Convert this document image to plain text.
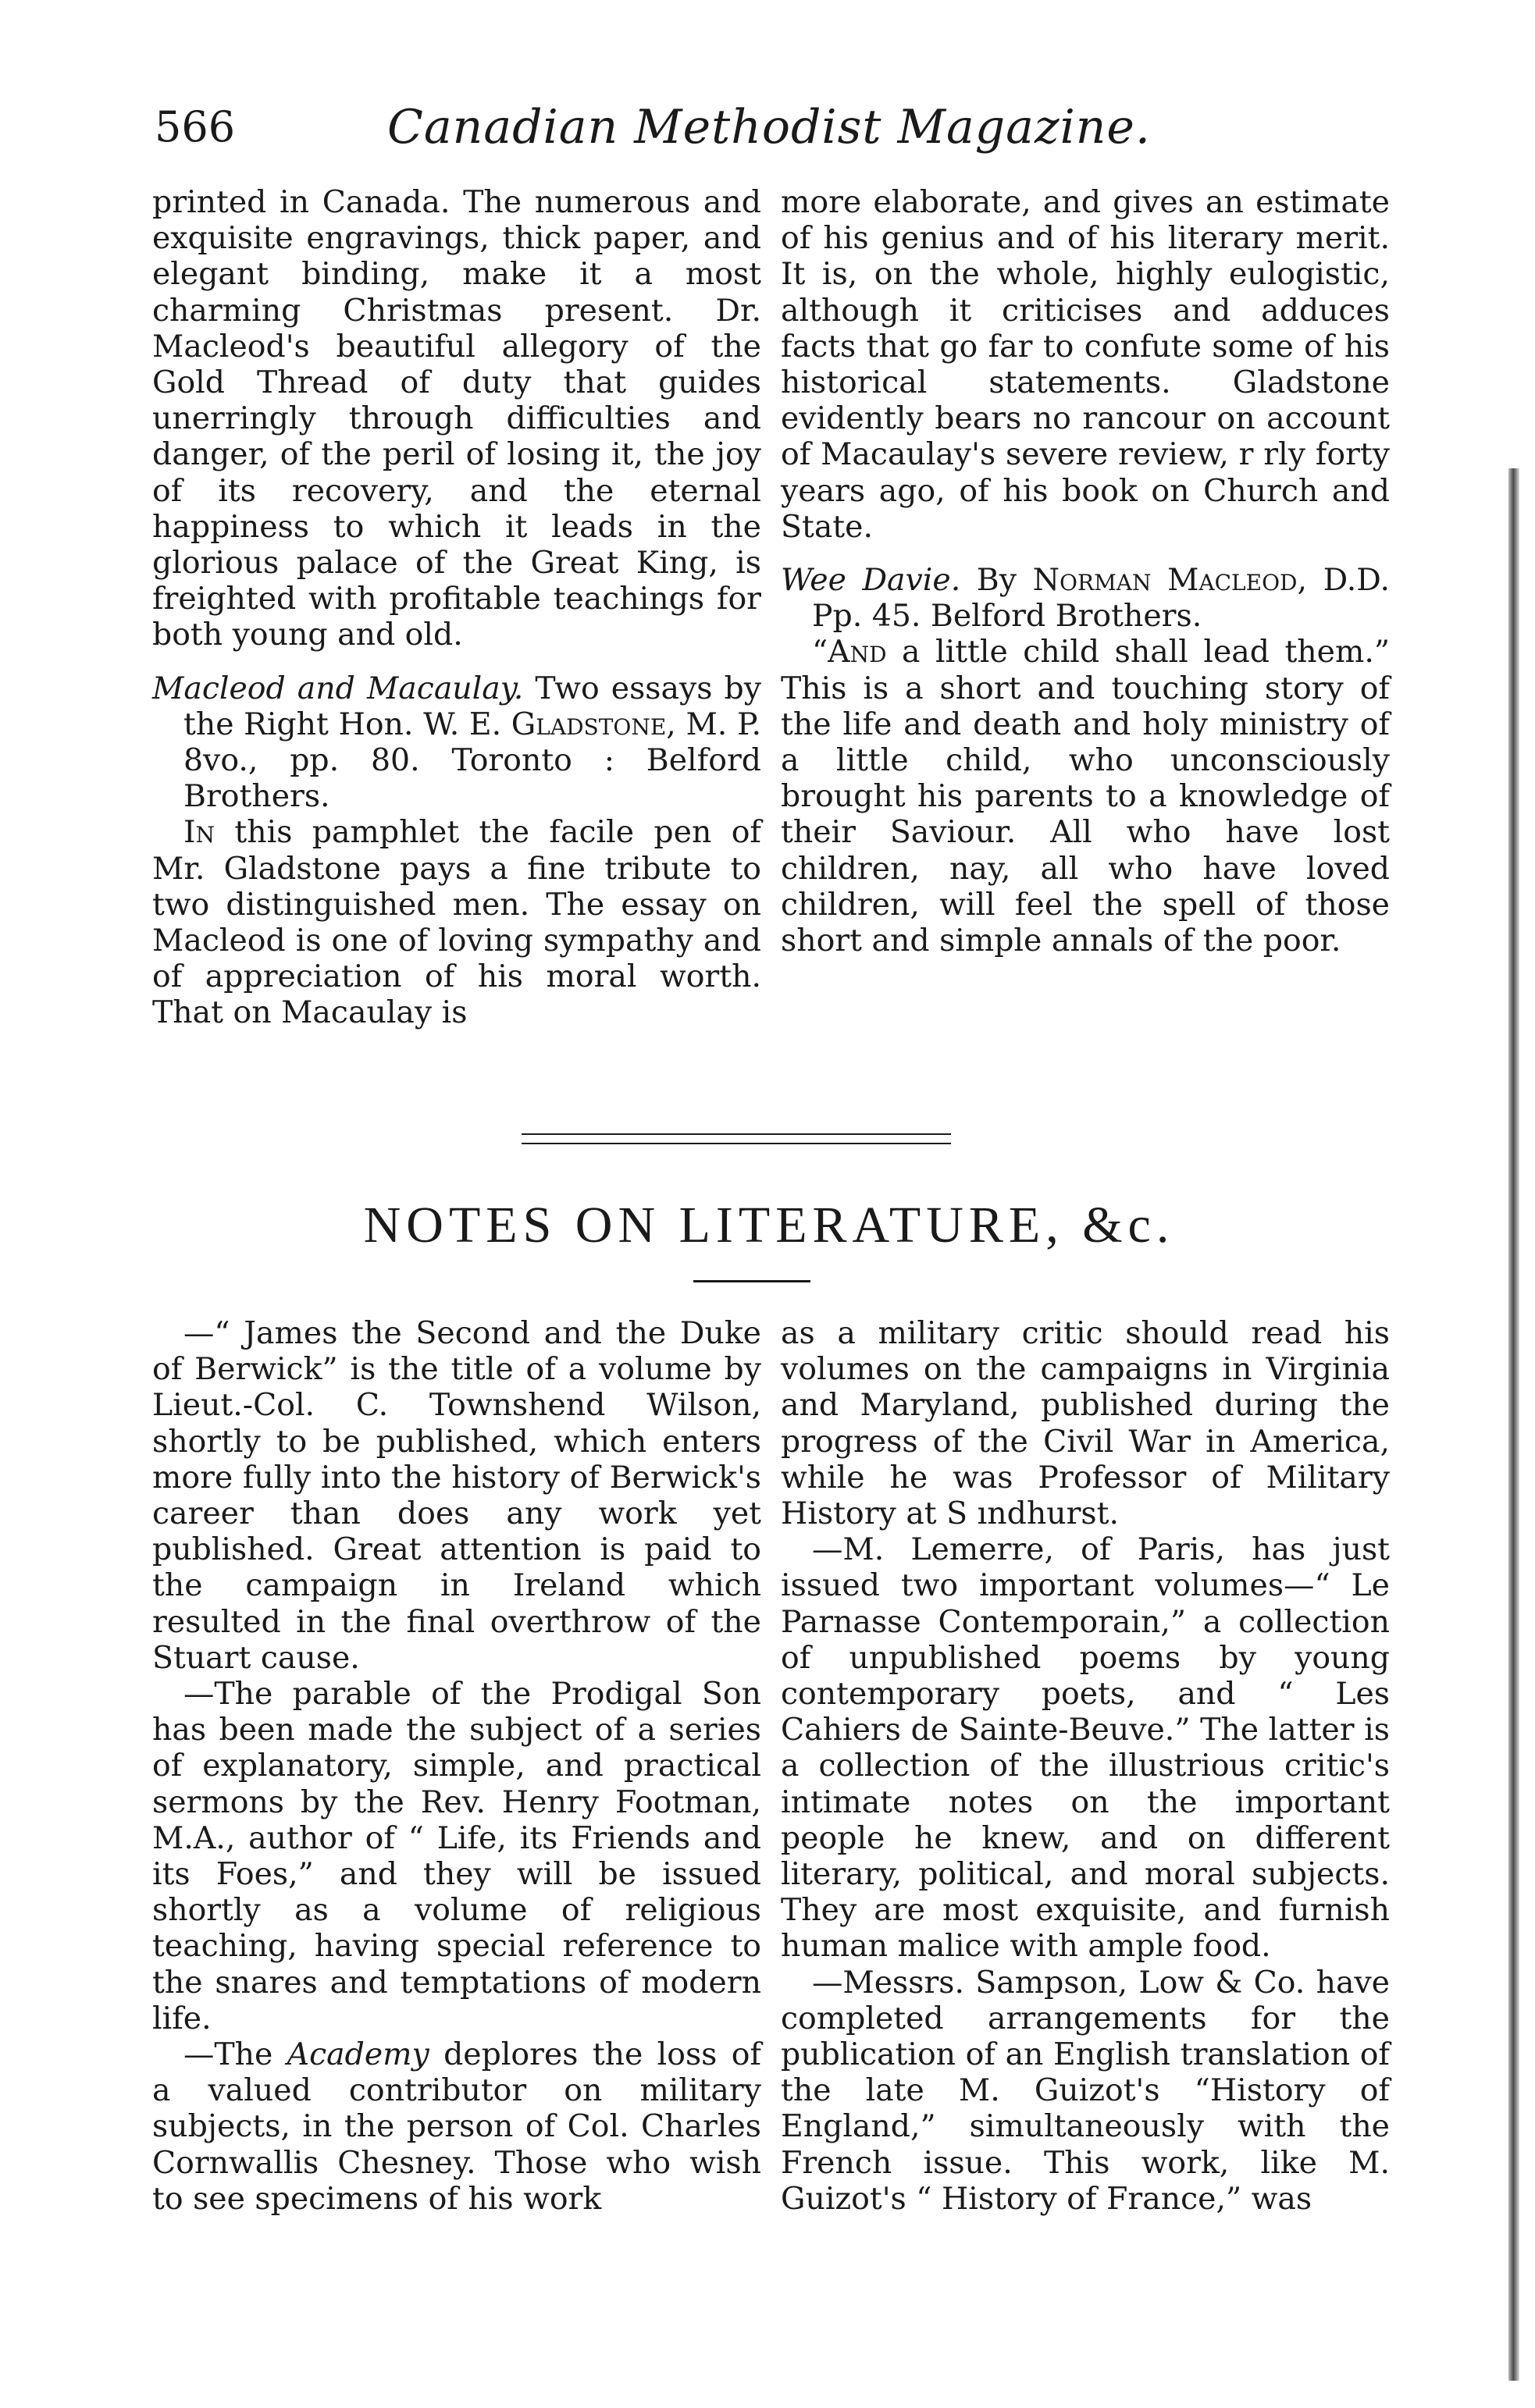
566	Canadian Methodist Magazine.

printed in Canada. The numerous and exquisite engravings, thick paper, and elegant binding, make it a most charming Christmas present. Dr. Macleod's beautiful allegory of the Gold Thread of duty that guides unerringly through difficulties and danger, of the peril of losing it, the joy of its recovery, and the eternal happiness to which it leads in the glorious palace of the Great King, is freighted with profitable teachings for both young and old.

Macleod and Macaulay. Two essays by the Right Hon. W. E. Gladstone, M. P. 8vo., pp. 80. Toronto : Belford Brothers.

In this pamphlet the facile pen of Mr. Gladstone pays a fine tribute to two distinguished men. The essay on Macleod is one of loving sympathy and of appreciation of his moral worth. That on Macaulay is

more elaborate, and gives an estimate of his genius and of his literary merit. It is, on the whole, highly eulogistic, although it criticises and adduces facts that go far to confute some of his historical statements. Gladstone evidently bears no rancour on account of Macaulay's severe review, r rly forty years ago, of his book on Church and State.

Wee Davie. By Norman Macleod, D.D. Pp. 45. Belford Brothers.

“And a little child shall lead them.” This is a short and touching story of the life and death and holy ministry of a little child, who unconsciously brought his parents to a knowledge of their Saviour. All who have lost children, nay, all who have loved children, will feel the spell of those short and simple annals of the poor.

NOTES ON LITERATURE, &c.

—“ James the Second and the Duke of Berwick” is the title of a volume by Lieut.-Col. C. Townshend Wilson, shortly to be published, which enters more fully into the history of Berwick's career than does any work yet published. Great attention is paid to the campaign in Ireland which resulted in the final overthrow of the Stuart cause.

—The parable of the Prodigal Son has been made the subject of a series of explanatory, simple, and practical sermons by the Rev. Henry Footman, M.A., author of “ Life, its Friends and its Foes,” and they will be issued shortly as a volume of religious teaching, having special reference to the snares and temptations of modern life.

—The Academy deplores the loss of a valued contributor on military subjects, in the person of Col. Charles Cornwallis Chesney. Those who wish to see specimens of his work

as a military critic should read his volumes on the campaigns in Virginia and Maryland, published during the progress of the Civil War in America, while he was Professor of Military History at S ındhurst.

—M. Lemerre, of Paris, has just issued two important volumes—“ Le Parnasse Contemporain,” a collection of unpublished poems by young contemporary poets, and “ Les Cahiers de Sainte-Beuve.” The latter is a collection of the illustrious critic's intimate notes on the important people he knew, and on different literary, political, and moral subjects. They are most exquisite, and furnish human malice with ample food.

—Messrs. Sampson, Low & Co. have completed arrangements for the publication of an English translation of the late M. Guizot's “History of England,” simultaneously with the French issue. This work, like M. Guizot's “ History of France,” was
